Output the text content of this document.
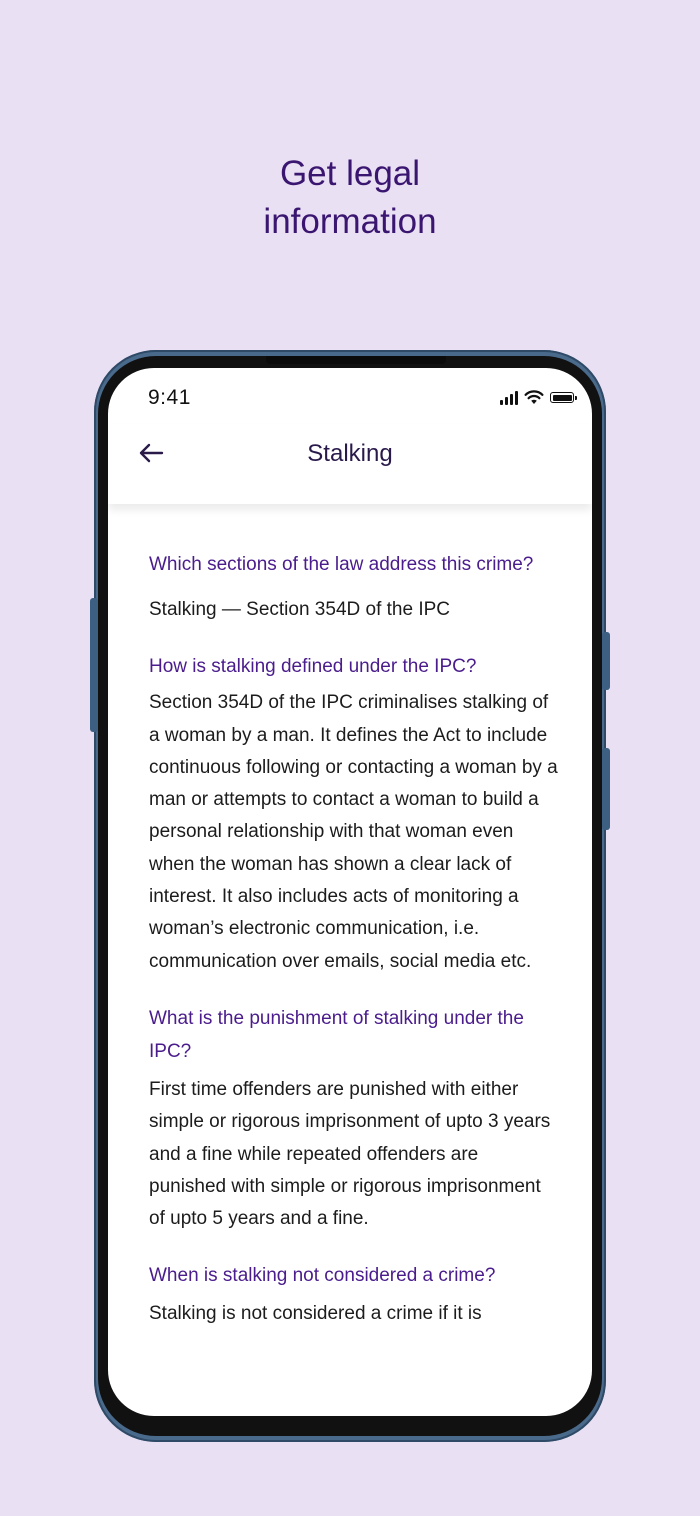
Get legal
information
9:41
Stalking
Which sections of the law address this crime?

Stalking — Section 354D of the IPC

How is stalking defined under the IPC?

Section 354D of the IPC criminalises stalking of a woman by a man. It defines the Act to include continuous following or contacting a woman by a man or attempts to contact a woman to build a personal relationship with that woman even when the woman has shown a clear lack of interest. It also includes acts of monitoring a woman’s electronic communication, i.e. communication over emails, social media etc.

What is the punishment of stalking under the IPC?

First time offenders are punished with either simple or rigorous imprisonment of upto 3 years and a fine while repeated offenders are punished with simple or rigorous imprisonment of upto 5 years and a fine.

When is stalking not considered a crime?

Stalking is not considered a crime if it is
